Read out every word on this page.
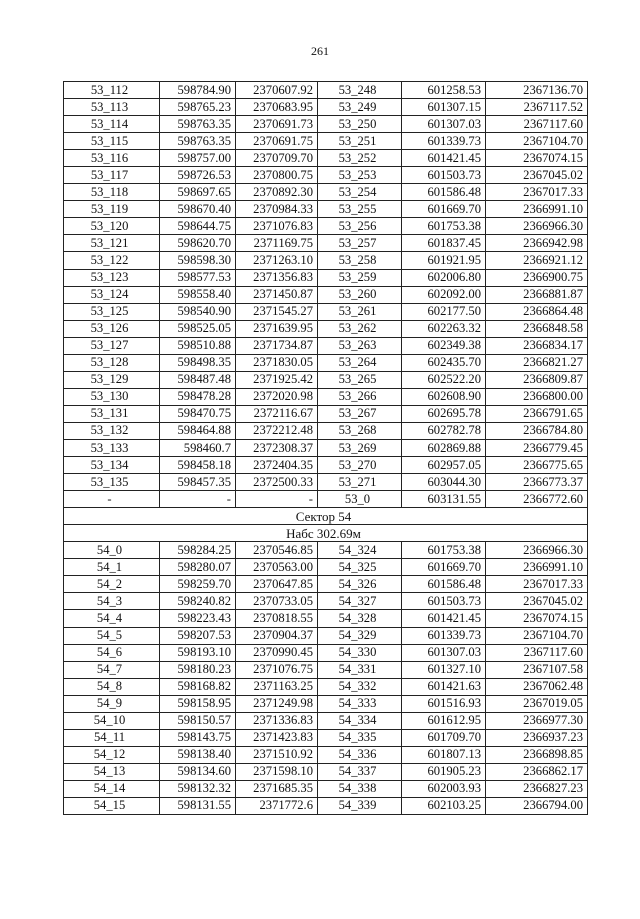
261
53_112	598784.90	2370607.92	53_248	601258.53	2367136.70
53_113	598765.23	2370683.95	53_249	601307.15	2367117.52
53_114	598763.35	2370691.73	53_250	601307.03	2367117.60
53_115	598763.35	2370691.75	53_251	601339.73	2367104.70
53_116	598757.00	2370709.70	53_252	601421.45	2367074.15
53_117	598726.53	2370800.75	53_253	601503.73	2367045.02
53_118	598697.65	2370892.30	53_254	601586.48	2367017.33
53_119	598670.40	2370984.33	53_255	601669.70	2366991.10
53_120	598644.75	2371076.83	53_256	601753.38	2366966.30
53_121	598620.70	2371169.75	53_257	601837.45	2366942.98
53_122	598598.30	2371263.10	53_258	601921.95	2366921.12
53_123	598577.53	2371356.83	53_259	602006.80	2366900.75
53_124	598558.40	2371450.87	53_260	602092.00	2366881.87
53_125	598540.90	2371545.27	53_261	602177.50	2366864.48
53_126	598525.05	2371639.95	53_262	602263.32	2366848.58
53_127	598510.88	2371734.87	53_263	602349.38	2366834.17
53_128	598498.35	2371830.05	53_264	602435.70	2366821.27
53_129	598487.48	2371925.42	53_265	602522.20	2366809.87
53_130	598478.28	2372020.98	53_266	602608.90	2366800.00
53_131	598470.75	2372116.67	53_267	602695.78	2366791.65
53_132	598464.88	2372212.48	53_268	602782.78	2366784.80
53_133	598460.7	2372308.37	53_269	602869.88	2366779.45
53_134	598458.18	2372404.35	53_270	602957.05	2366775.65
53_135	598457.35	2372500.33	53_271	603044.30	2366773.37
-	-	-	53_0	603131.55	2366772.60
Сектор 54					
Набс 302.69м					
54_0	598284.25	2370546.85	54_324	601753.38	2366966.30
54_1	598280.07	2370563.00	54_325	601669.70	2366991.10
54_2	598259.70	2370647.85	54_326	601586.48	2367017.33
54_3	598240.82	2370733.05	54_327	601503.73	2367045.02
54_4	598223.43	2370818.55	54_328	601421.45	2367074.15
54_5	598207.53	2370904.37	54_329	601339.73	2367104.70
54_6	598193.10	2370990.45	54_330	601307.03	2367117.60
54_7	598180.23	2371076.75	54_331	601327.10	2367107.58
54_8	598168.82	2371163.25	54_332	601421.63	2367062.48
54_9	598158.95	2371249.98	54_333	601516.93	2367019.05
54_10	598150.57	2371336.83	54_334	601612.95	2366977.30
54_11	598143.75	2371423.83	54_335	601709.70	2366937.23
54_12	598138.40	2371510.92	54_336	601807.13	2366898.85
54_13	598134.60	2371598.10	54_337	601905.23	2366862.17
54_14	598132.32	2371685.35	54_338	602003.93	2366827.23
54_15	598131.55	2371772.6	54_339	602103.25	2366794.00
